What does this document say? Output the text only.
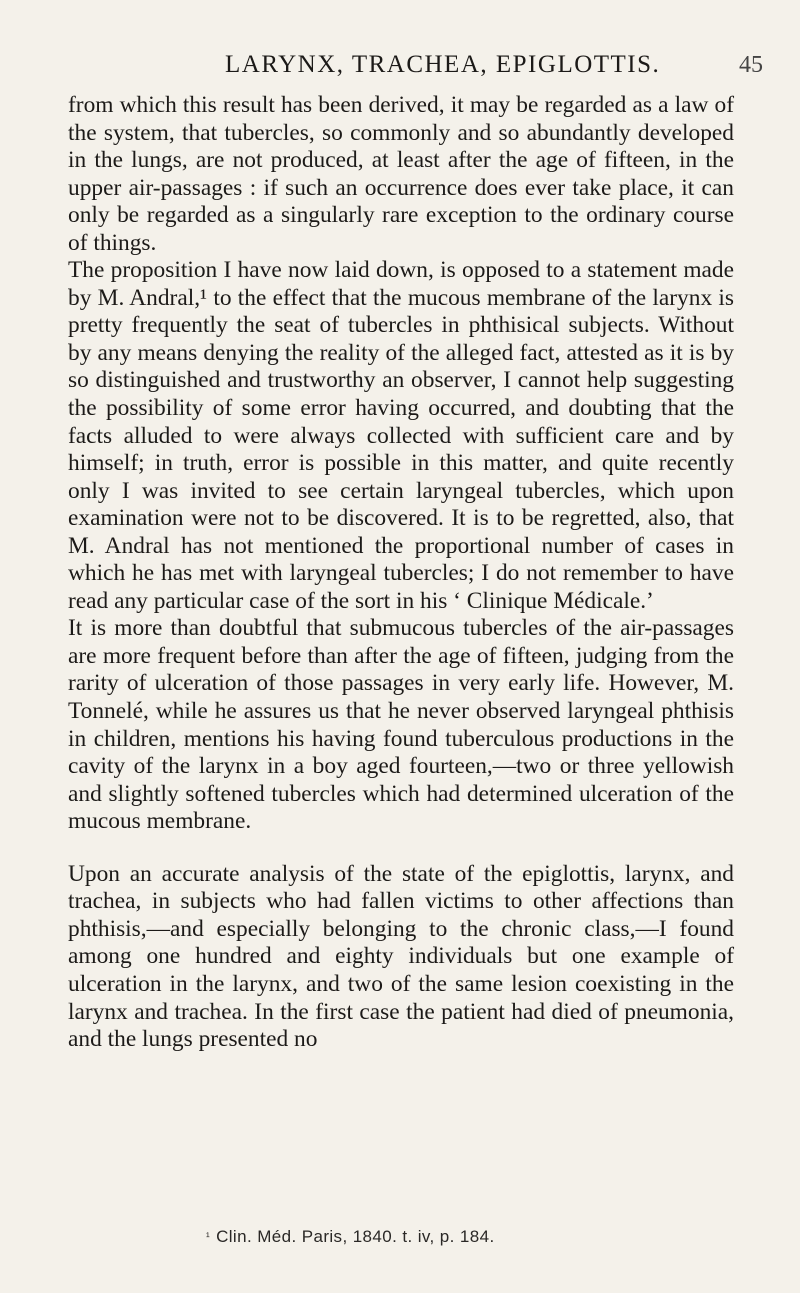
LARYNX, TRACHEA, EPIGLOTTIS.	45

from which this result has been derived, it may be regarded as a law of the system, that tubercles, so commonly and so abundantly developed in the lungs, are not produced, at least after the age of fifteen, in the upper air-passages : if such an occurrence does ever take place, it can only be regarded as a singularly rare exception to the ordinary course of things.

The proposition I have now laid down, is opposed to a statement made by M. Andral,¹ to the effect that the mucous membrane of the larynx is pretty frequently the seat of tubercles in phthisical subjects. Without by any means denying the reality of the alleged fact, attested as it is by so distinguished and trustworthy an observer, I cannot help suggesting the possibility of some error having occurred, and doubting that the facts alluded to were always collected with sufficient care and by himself; in truth, error is possible in this matter, and quite recently only I was invited to see certain laryngeal tubercles, which upon examination were not to be discovered. It is to be regretted, also, that M. Andral has not mentioned the proportional number of cases in which he has met with laryngeal tubercles; I do not remember to have read any particular case of the sort in his ‘ Clinique Médicale.’

It is more than doubtful that submucous tubercles of the air-passages are more frequent before than after the age of fifteen, judging from the rarity of ulceration of those passages in very early life. However, M. Tonnelé, while he assures us that he never observed laryngeal phthisis in children, mentions his having found tuberculous productions in the cavity of the larynx in a boy aged fourteen,—two or three yellowish and slightly softened tubercles which had determined ulceration of the mucous membrane.

Upon an accurate analysis of the state of the epiglottis, larynx, and trachea, in subjects who had fallen victims to other affections than phthisis,—and especially belonging to the chronic class,—I found among one hundred and eighty individuals but one example of ulceration in the larynx, and two of the same lesion coexisting in the larynx and trachea. In the first case the patient had died of pneumonia, and the lungs presented no

$^{^1}$ Clin. Méd. Paris, 1840. t. iv, p. 184.
